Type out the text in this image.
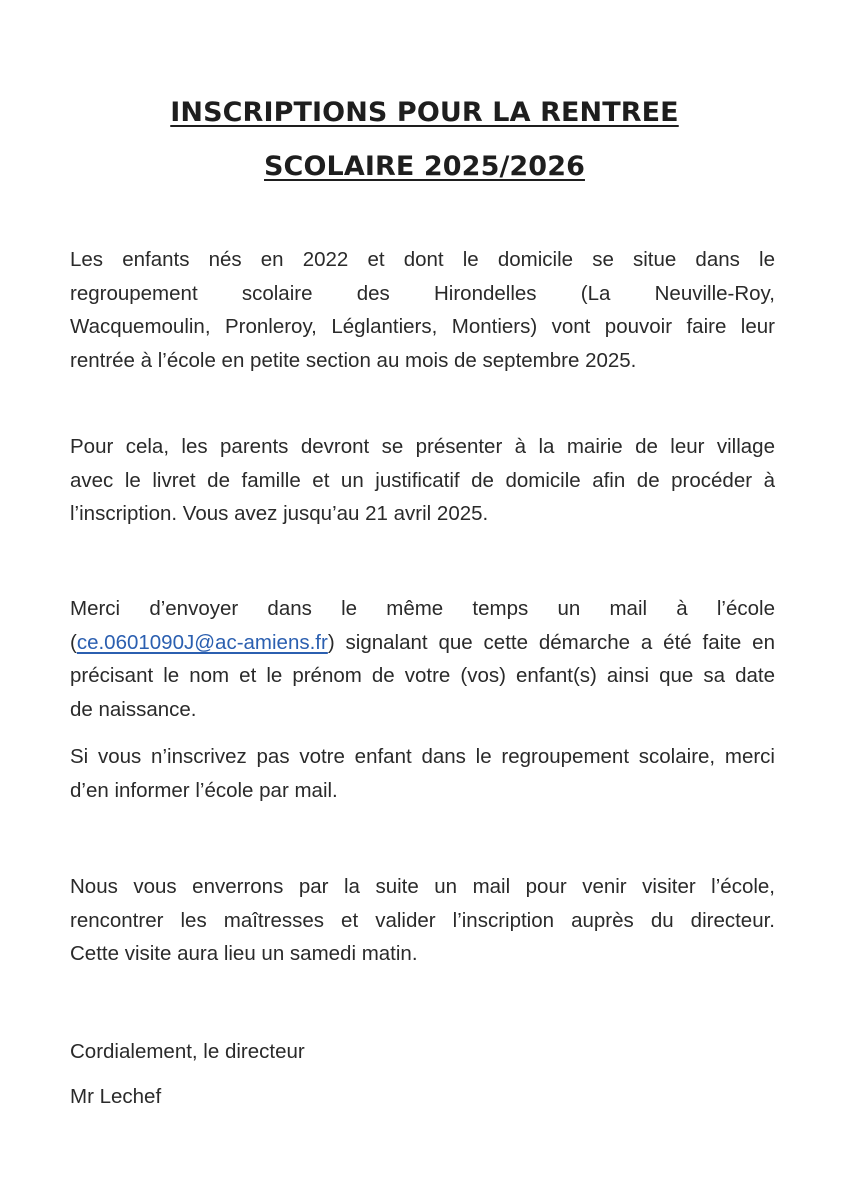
INSCRIPTIONS POUR LA RENTREE
SCOLAIRE 2025/2026
Les enfants nés en 2022 et dont le domicile se situe dans le
regroupement scolaire des Hirondelles (La Neuville-Roy,
Wacquemoulin, Pronleroy, Léglantiers, Montiers) vont pouvoir faire leur
rentrée à l’école en petite section au mois de septembre 2025.
Pour cela, les parents devront se présenter à la mairie de leur village
avec le livret de famille et un justificatif de domicile afin de procéder à
l’inscription. Vous avez jusqu’au 21 avril 2025.
Merci d’envoyer dans le même temps un mail à l’école
(ce.0601090J@ac-amiens.fr) signalant que cette démarche a été faite en
précisant le nom et le prénom de votre (vos) enfant(s) ainsi que sa date
de naissance.
Si vous n’inscrivez pas votre enfant dans le regroupement scolaire, merci
d’en informer l’école par mail.
Nous vous enverrons par la suite un mail pour venir visiter l’école,
rencontrer les maîtresses et valider l’inscription auprès du directeur.
Cette visite aura lieu un samedi matin.
Cordialement, le directeur
Mr Lechef
